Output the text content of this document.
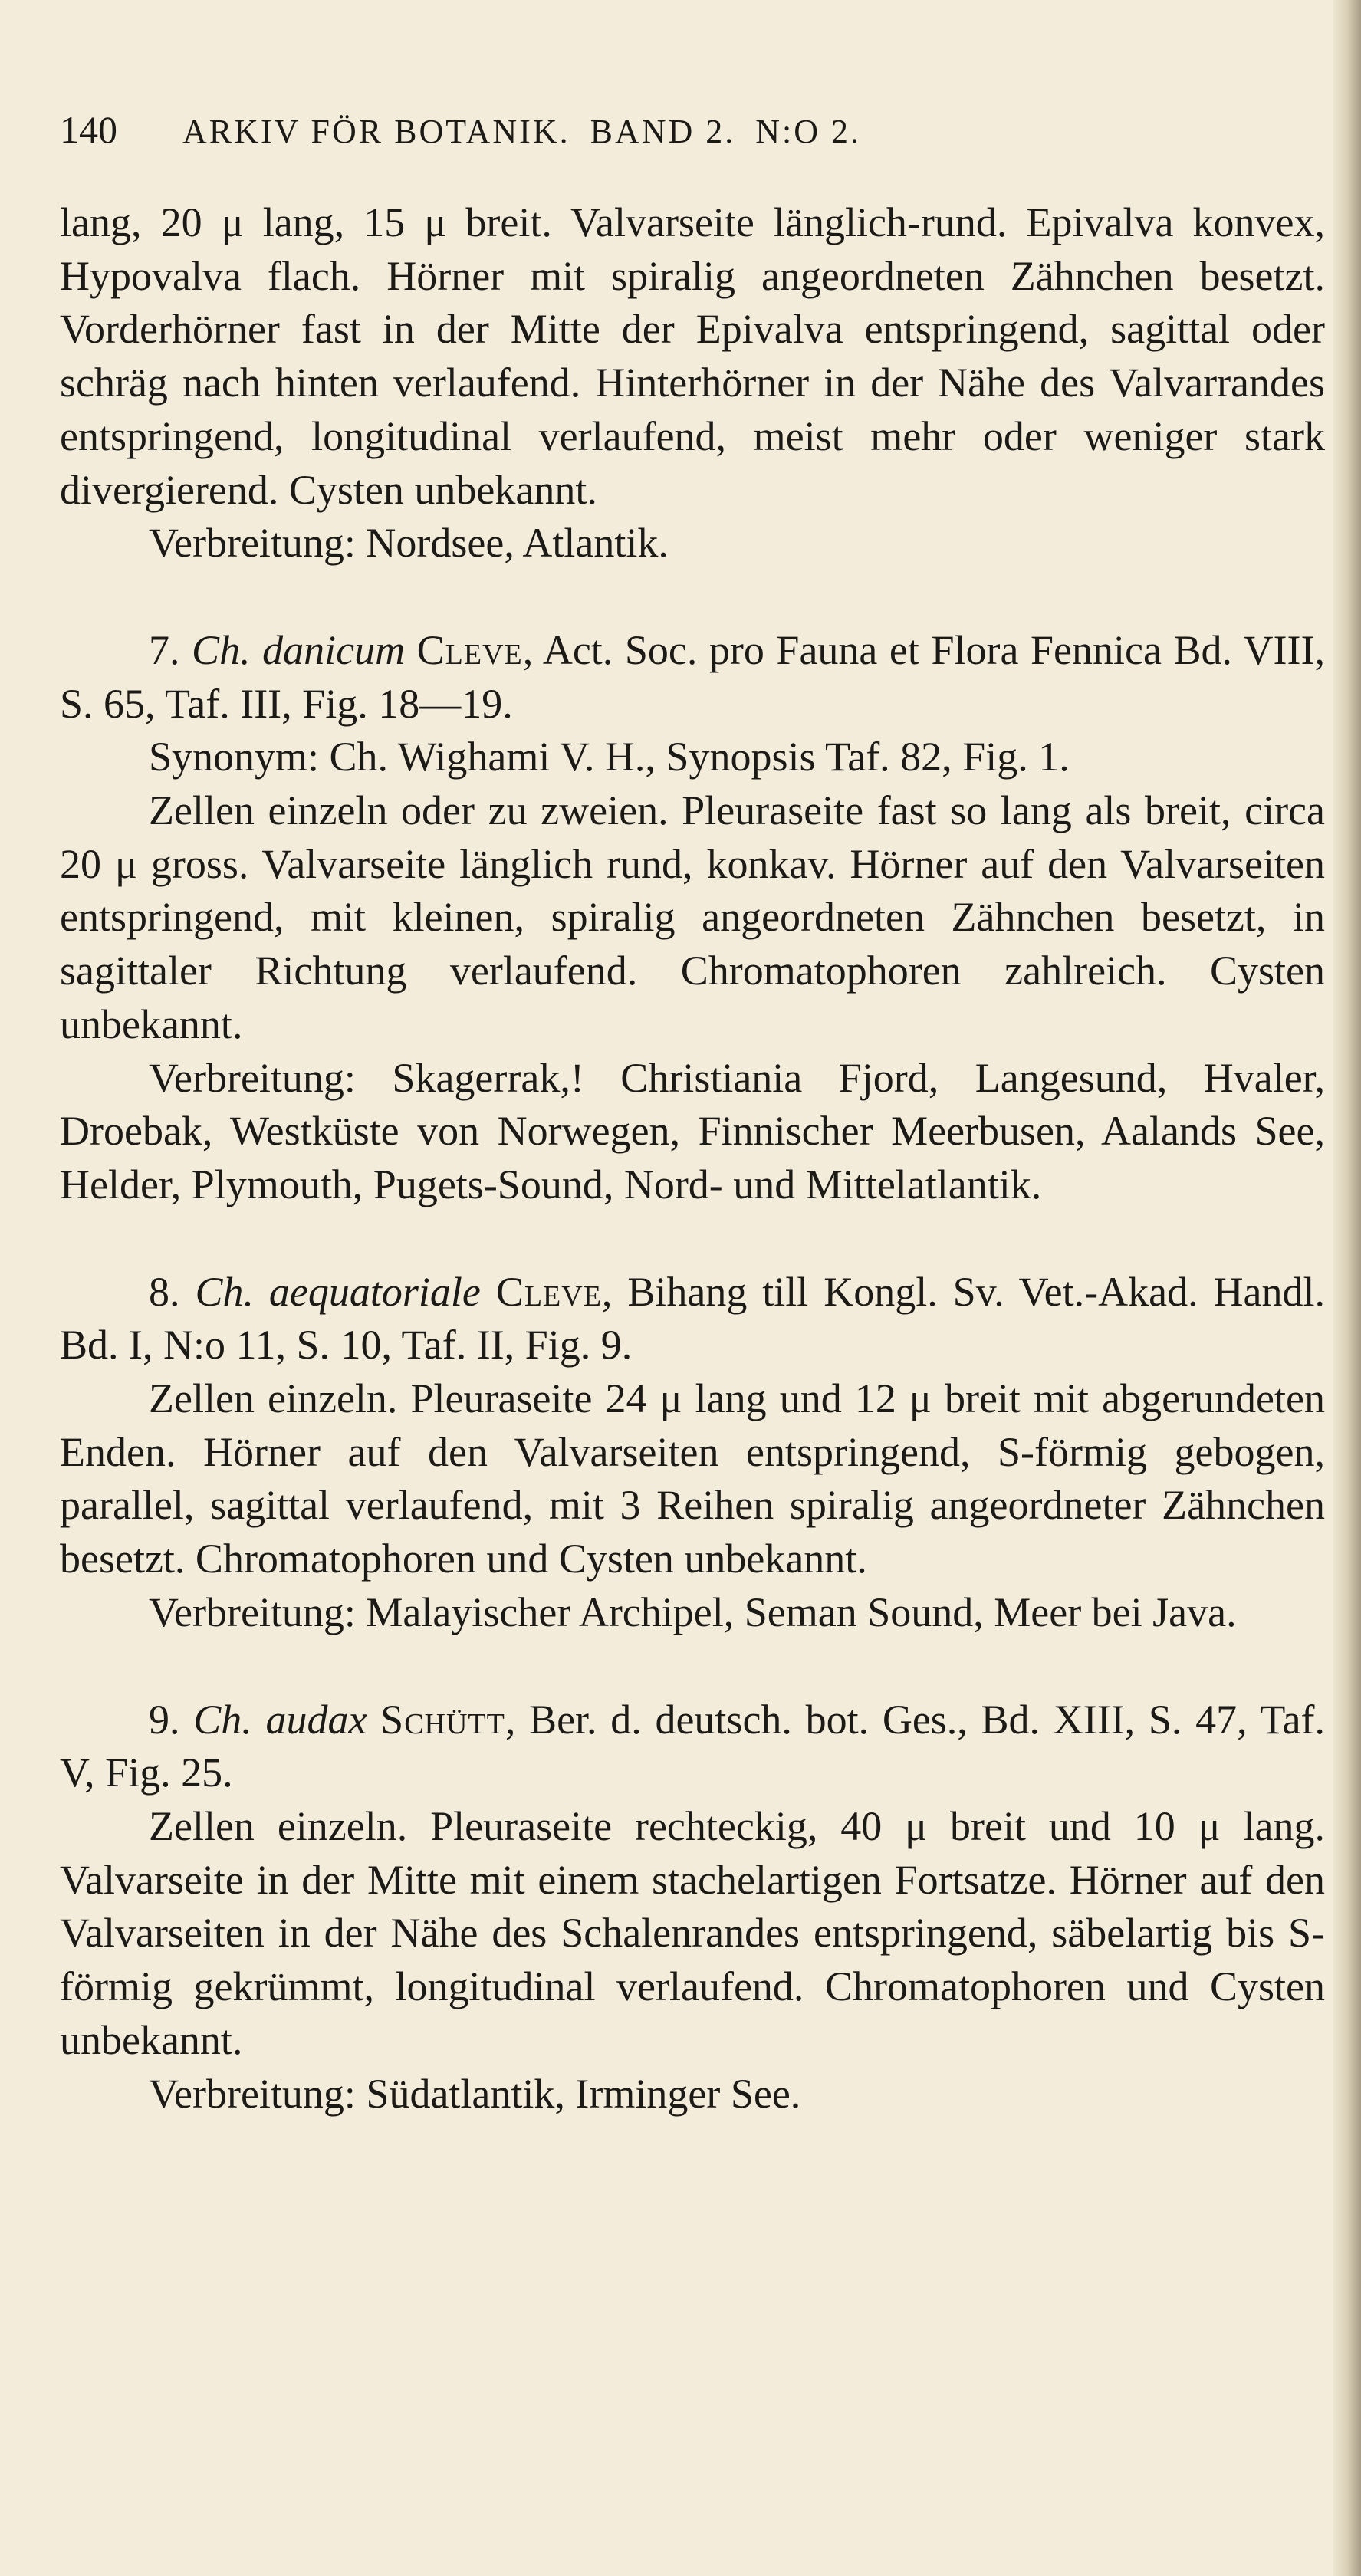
140	ARKIV FÖR BOTANIK. BAND 2. N:O 2.

lang, 20 μ lang, 15 μ breit. Valvarseite länglich-rund. Epivalva konvex, Hypovalva flach. Hörner mit spiralig angeordneten Zähnchen besetzt. Vorderhörner fast in der Mitte der Epivalva entspringend, sagittal oder schräg nach hinten verlaufend. Hinterhörner in der Nähe des Valvarrandes entspringend, longitudinal verlaufend, meist mehr oder weniger stark divergierend. Cysten unbekannt.

Verbreitung: Nordsee, Atlantik.

7. Ch. danicum Cleve, Act. Soc. pro Fauna et Flora Fennica Bd. VIII, S. 65, Taf. III, Fig. 18—19.

Synonym: Ch. Wighami V. H., Synopsis Taf. 82, Fig. 1.

Zellen einzeln oder zu zweien. Pleuraseite fast so lang als breit, circa 20 μ gross. Valvarseite länglich rund, konkav. Hörner auf den Valvarseiten entspringend, mit kleinen, spiralig angeordneten Zähnchen besetzt, in sagittaler Richtung verlaufend. Chromatophoren zahlreich. Cysten unbekannt.

Verbreitung: Skagerrak,! Christiania Fjord, Langesund, Hvaler, Droebak, Westküste von Norwegen, Finnischer Meerbusen, Aalands See, Helder, Plymouth, Pugets-Sound, Nord- und Mittelatlantik.

8. Ch. aequatoriale Cleve, Bihang till Kongl. Sv. Vet.-Akad. Handl. Bd. I, N:o 11, S. 10, Taf. II, Fig. 9.

Zellen einzeln. Pleuraseite 24 μ lang und 12 μ breit mit abgerundeten Enden. Hörner auf den Valvarseiten entspringend, S-förmig gebogen, parallel, sagittal verlaufend, mit 3 Reihen spiralig angeordneter Zähnchen besetzt. Chromatophoren und Cysten unbekannt.

Verbreitung: Malayischer Archipel, Seman Sound, Meer bei Java.

9. Ch. audax Schütt, Ber. d. deutsch. bot. Ges., Bd. XIII, S. 47, Taf. V, Fig. 25.

Zellen einzeln. Pleuraseite rechteckig, 40 μ breit und 10 μ lang. Valvarseite in der Mitte mit einem stachelartigen Fortsatze. Hörner auf den Valvarseiten in der Nähe des Schalenrandes entspringend, säbelartig bis S-förmig gekrümmt, longitudinal verlaufend. Chromatophoren und Cysten unbekannt.

Verbreitung: Südatlantik, Irminger See.
